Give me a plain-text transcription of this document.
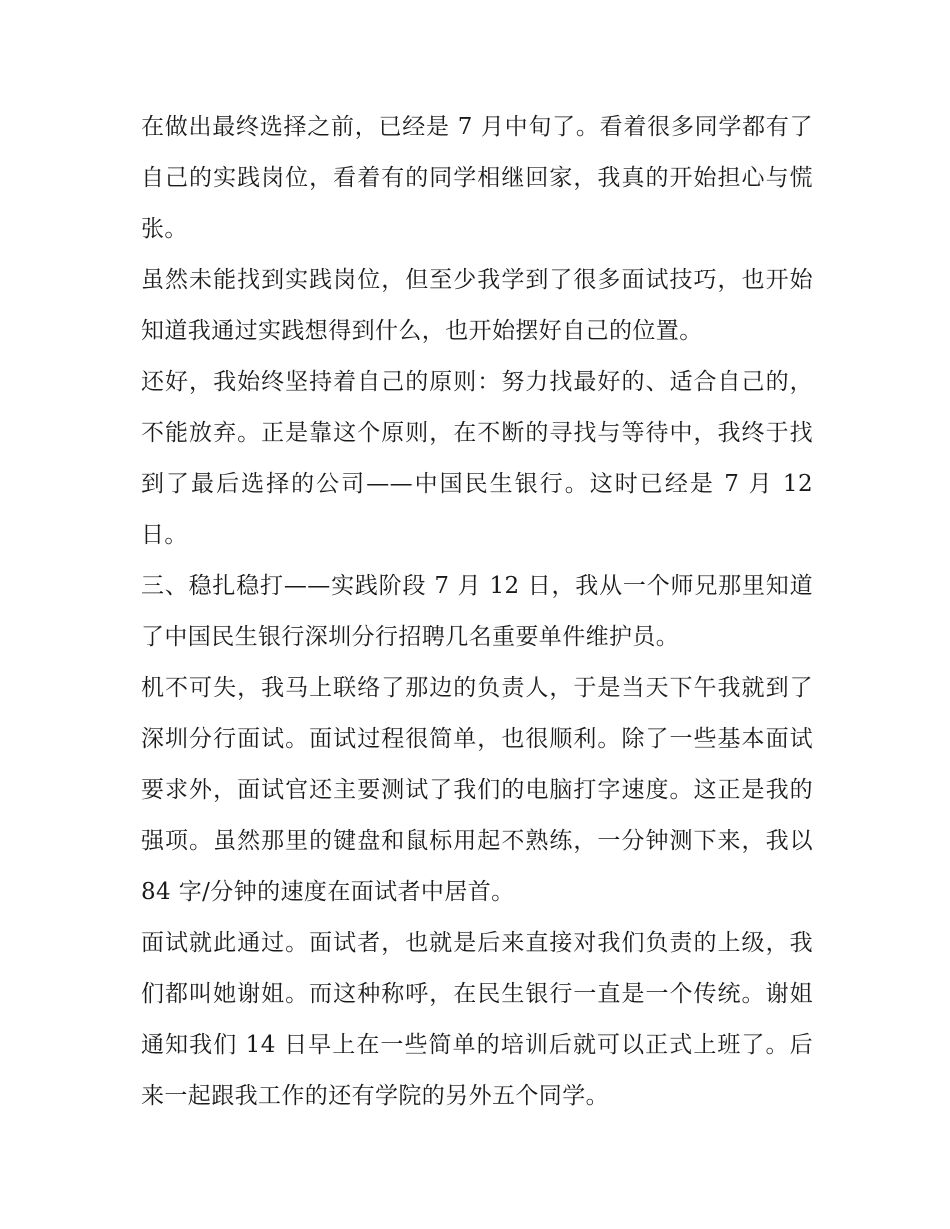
在做出最终选择之前，已经是 7 月中旬了。看着很多同学都有了自己的实践岗位，看着有的同学相继回家，我真的开始担心与慌张。

虽然未能找到实践岗位，但至少我学到了很多面试技巧，也开始知道我通过实践想得到什么，也开始摆好自己的位置。

还好，我始终坚持着自己的原则：努力找最好的、适合自己的，不能放弃。正是靠这个原则，在不断的寻找与等待中，我终于找到了最后选择的公司——中国民生银行。这时已经是 7 月 12 日。

三、稳扎稳打——实践阶段 7 月 12 日，我从一个师兄那里知道了中国民生银行深圳分行招聘几名重要单件维护员。

机不可失，我马上联络了那边的负责人，于是当天下午我就到了深圳分行面试。面试过程很简单，也很顺利。除了一些基本面试要求外，面试官还主要测试了我们的电脑打字速度。这正是我的强项。虽然那里的键盘和鼠标用起不熟练，一分钟测下来，我以 84 字/分钟的速度在面试者中居首。

面试就此通过。面试者，也就是后来直接对我们负责的上级，我们都叫她谢姐。而这种称呼，在民生银行一直是一个传统。谢姐通知我们 14 日早上在一些简单的培训后就可以正式上班了。后来一起跟我工作的还有学院的另外五个同学。
